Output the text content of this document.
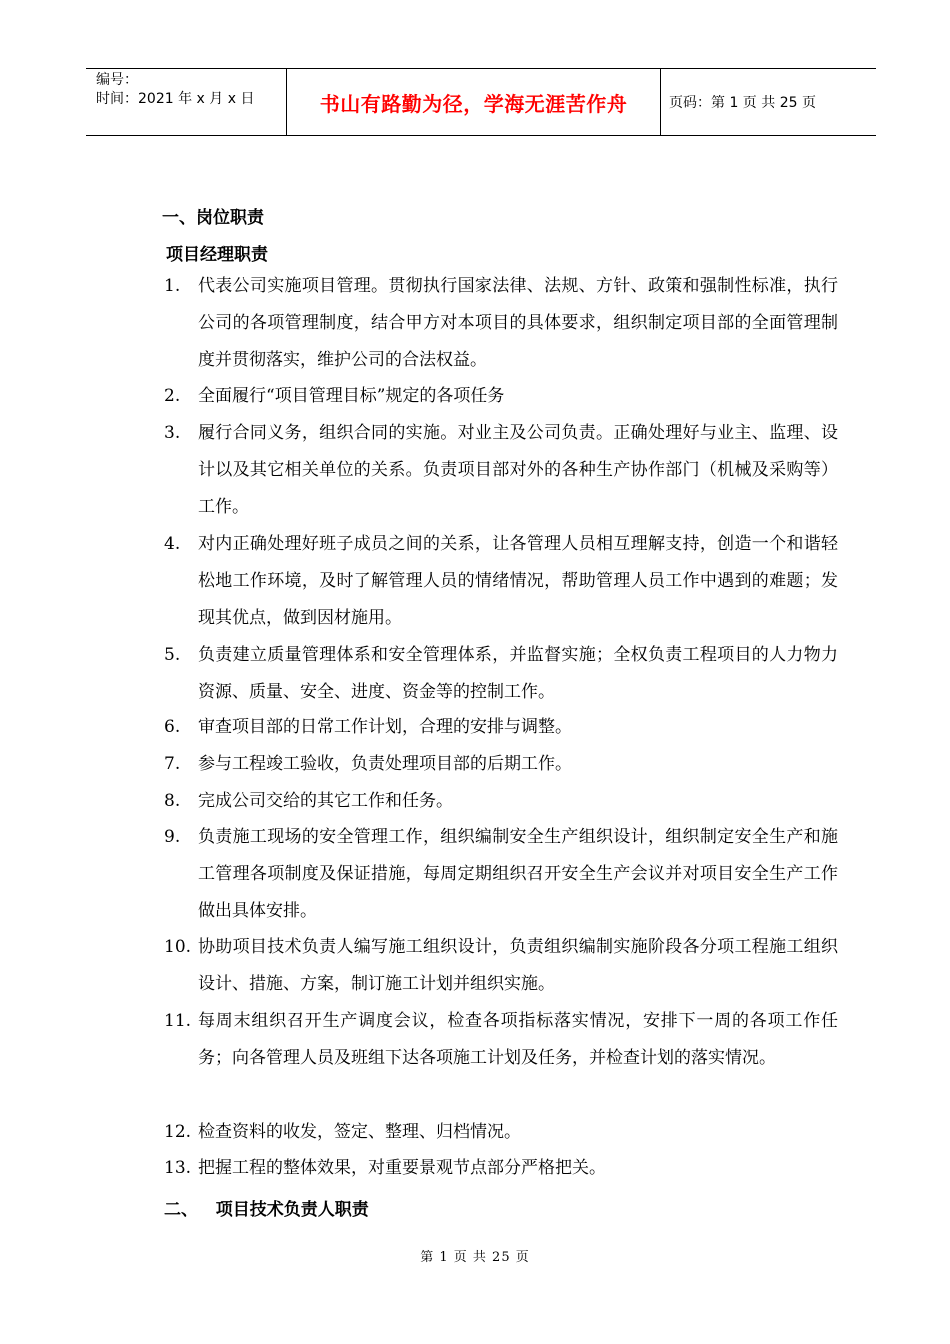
编号：
时间：2021 年 x 月 x 日	书山有路勤为径，学海无涯苦作舟	页码：第 1 页 共 25 页
一、岗位职责
项目经理职责
1. 代表公司实施项目管理。贯彻执行国家法律、法规、方针、政策和强制性标准，执行公司的各项管理制度，结合甲方对本项目的具体要求，组织制定项目部的全面管理制度并贯彻落实，维护公司的合法权益。
2. 全面履行“项目管理目标”规定的各项任务
3. 履行合同义务，组织合同的实施。对业主及公司负责。正确处理好与业主、监理、设计以及其它相关单位的关系。负责项目部对外的各种生产协作部门（机械及采购等）工作。
4. 对内正确处理好班子成员之间的关系，让各管理人员相互理解支持，创造一个和谐轻松地工作环境，及时了解管理人员的情绪情况，帮助管理人员工作中遇到的难题；发现其优点，做到因材施用。
5. 负责建立质量管理体系和安全管理体系，并监督实施；全权负责工程项目的人力物力资源、质量、安全、进度、资金等的控制工作。
6. 审查项目部的日常工作计划，合理的安排与调整。
7. 参与工程竣工验收，负责处理项目部的后期工作。
8. 完成公司交给的其它工作和任务。
9. 负责施工现场的安全管理工作，组织编制安全生产组织设计，组织制定安全生产和施工管理各项制度及保证措施，每周定期组织召开安全生产会议并对项目安全生产工作做出具体安排。
10. 协助项目技术负责人编写施工组织设计，负责组织编制实施阶段各分项工程施工组织设计、措施、方案，制订施工计划并组织实施。
11. 每周末组织召开生产调度会议，检查各项指标落实情况，安排下一周的各项工作任务；向各管理人员及班组下达各项施工计划及任务，并检查计划的落实情况。
12. 检查资料的收发，签定、整理、归档情况。
13. 把握工程的整体效果，对重要景观节点部分严格把关。
二、   项目技术负责人职责
第 1 页 共 25 页
